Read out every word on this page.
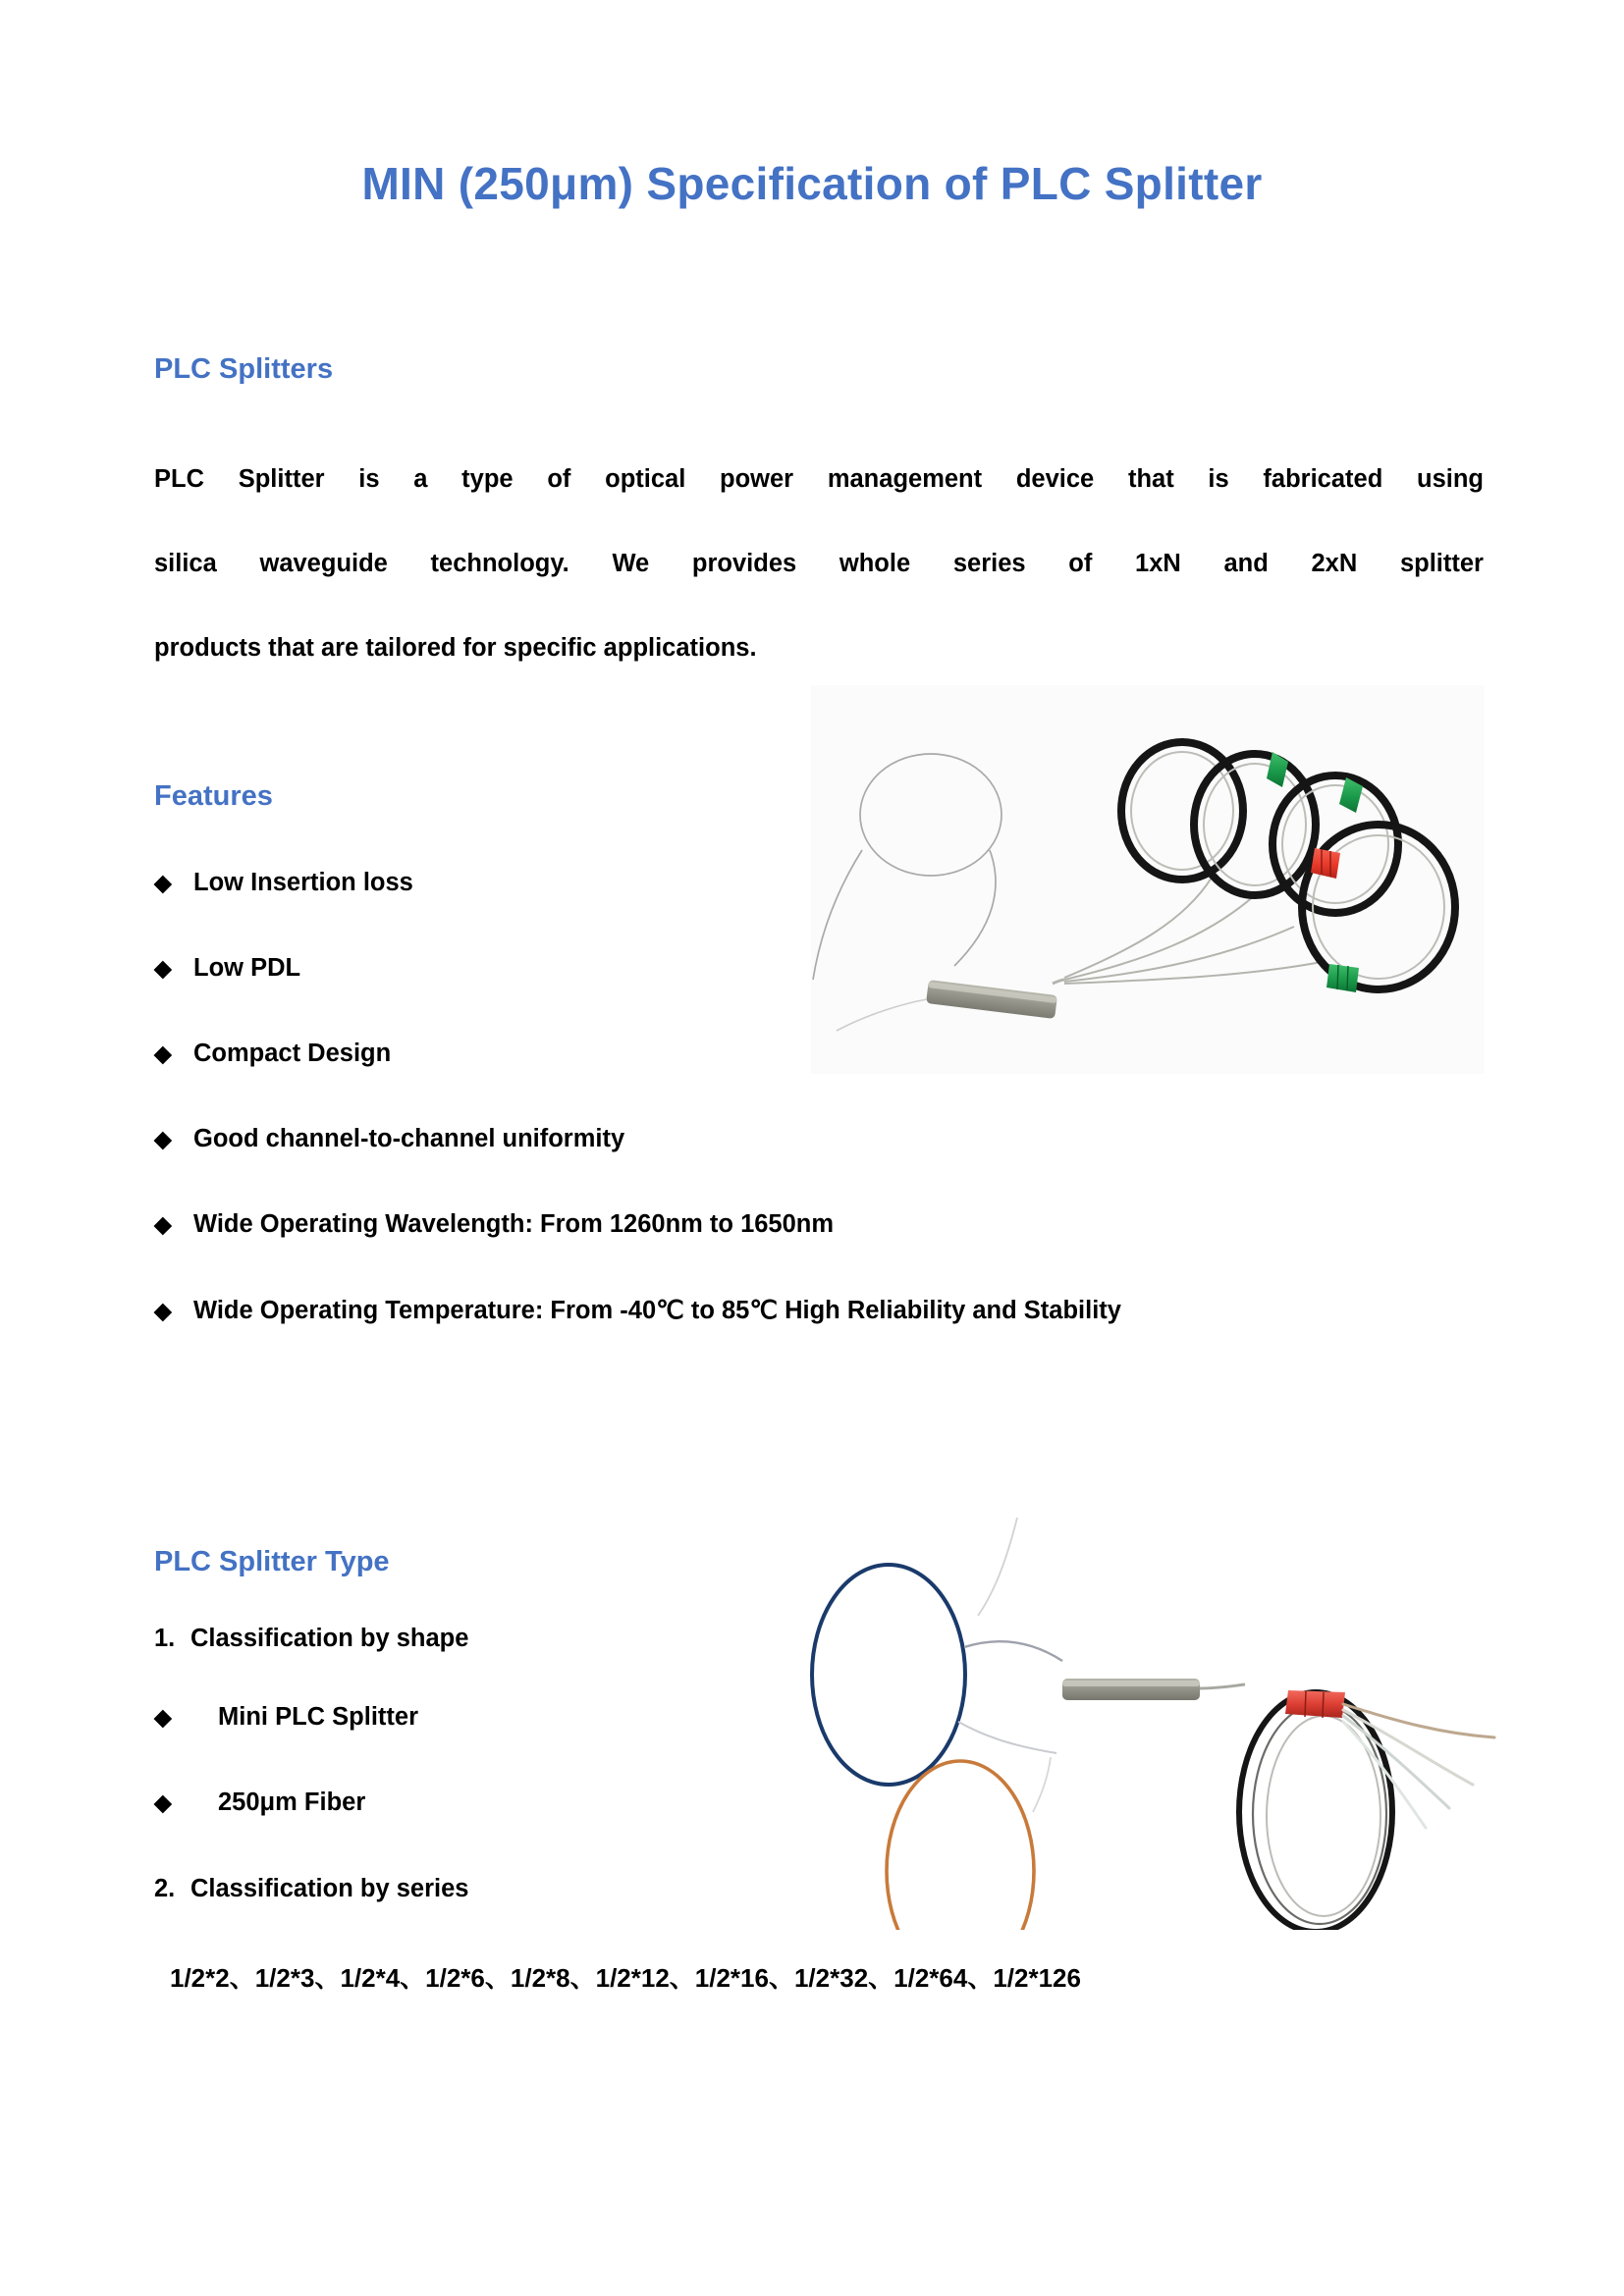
MIN (250μm) Specification of PLC Splitter
PLC Splitters
PLC Splitter is a type of optical power management device that is fabricated using
silica waveguide technology. We provides whole series of 1xN and 2xN splitter
products that are tailored for specific applications.
Features
◆ Low Insertion loss
◆ Low PDL
◆ Compact Design
◆ Good channel-to-channel uniformity
◆ Wide Operating Wavelength: From 1260nm to 1650nm
◆ Wide Operating Temperature: From -40℃ to 85℃ High Reliability and Stability
PLC Splitter Type
1. Classification by shape
◆ Mini PLC Splitter
◆ 250μm Fiber
2. Classification by series
1/2*2、1/2*3、1/2*4、1/2*6、1/2*8、1/2*12、1/2*16、1/2*32、1/2*64、1/2*126
